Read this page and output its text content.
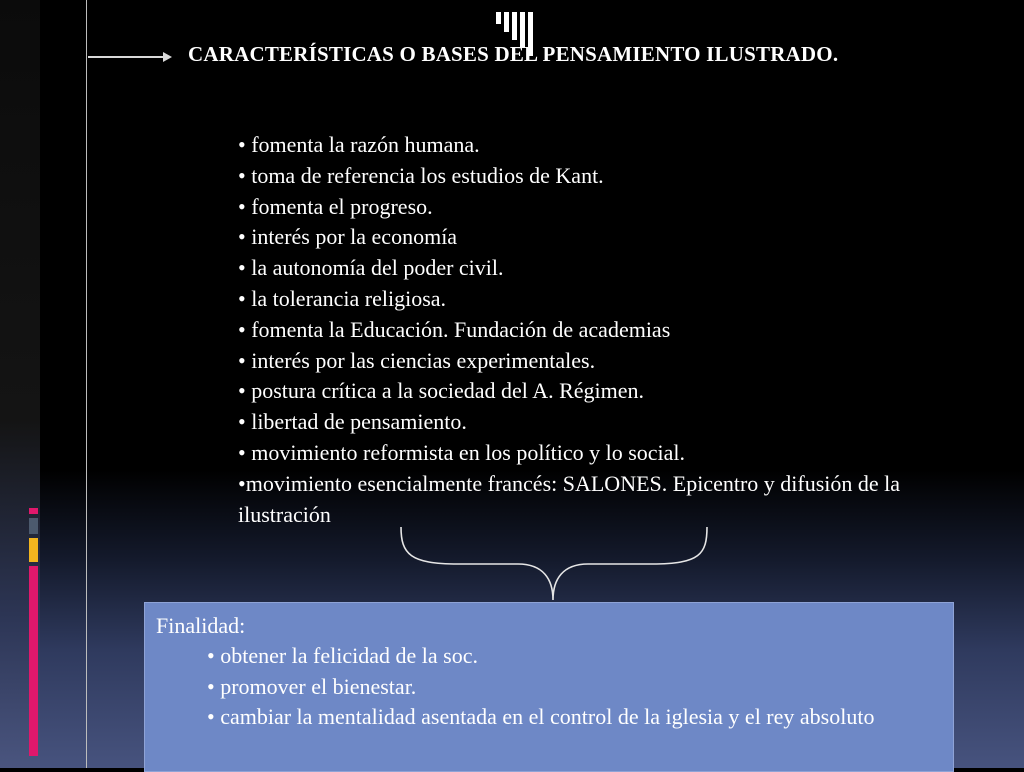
CARACTERÍSTICAS O BASES DEL PENSAMIENTO ILUSTRADO.
• fomenta la razón humana.
• toma de referencia los estudios de Kant.
• fomenta el progreso.
• interés por la economía
• la autonomía del poder civil.
• la tolerancia religiosa.
• fomenta la Educación. Fundación de academias
• interés por las ciencias experimentales.
• postura crítica a la sociedad del A. Régimen.
• libertad de pensamiento.
• movimiento reformista en los político y lo social.
•movimiento esencialmente francés: SALONES. Epicentro y difusión de la ilustración
Finalidad:
• obtener la felicidad de la soc.
• promover el bienestar.
• cambiar la mentalidad asentada en el control de la iglesia y el rey absoluto
